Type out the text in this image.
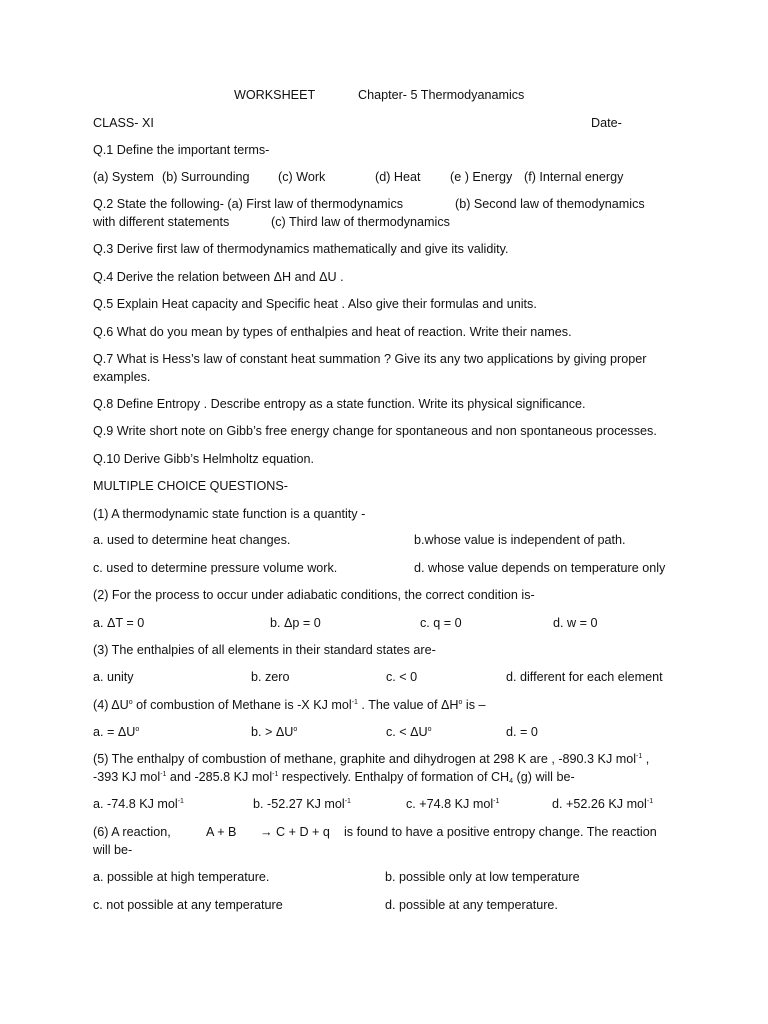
WORKSHEET	Chapter- 5 Thermodyanamics
CLASS- XI	Date-
Q.1 Define the important terms-
(a) System (b) Surrounding (c) Work	(d) Heat (e ) Energy (f) Internal energy
Q.2 State the following- (a) First law of thermodynamics	(b) Second law of themodynamics
with different statements	(c) Third law of thermodynamics
Q.3 Derive first law of thermodynamics mathematically and give its validity.
Q.4 Derive the relation between ΔH and ΔU .
Q.5 Explain Heat capacity and Specific heat . Also give their formulas and units.
Q.6 What do you mean by types of enthalpies and heat of reaction. Write their names.
Q.7 What is Hess’s law of constant heat summation ? Give its any two applications by giving proper
examples.
Q.8 Define Entropy . Describe entropy as a state function. Write its physical significance.
Q.9 Write short note on Gibb’s free energy change for spontaneous and non spontaneous processes.
Q.10 Derive Gibb’s Helmholtz equation.
MULTIPLE CHOICE QUESTIONS-
(1) A thermodynamic state function is a quantity -
a. used to determine heat changes.	b.whose value is independent of path.
c. used to determine pressure volume work.	d. whose value depends on temperature only
(2) For the process to occur under adiabatic conditions, the correct condition is-
a. ΔT = 0	b. Δp = 0	c. q = 0	d. w = 0
(3) The enthalpies of all elements in their standard states are-
a. unity	b. zero	c. < 0	d. different for each element
(4) $\Delta U^o$ of combustion of Methane is -X KJ mol$^{-1}$ . The value of $\Delta H^o$ is –
a. = $\Delta U^o$	b. > $\Delta U^o$	c. < $\Delta U^o$	d. = 0
(5) The enthalpy of combustion of methane, graphite and dihydrogen at 298 K are , -890.3 KJ mol$^{-1}$ ,
-393 KJ mol$^{-1}$ and -285.8 KJ mol$^{-1}$ respectively. Enthalpy of formation of $CH_4$ (g) will be-
a. -74.8 KJ mol$^{-1}$	b. -52.27 KJ mol$^{-1}$	c. +74.8 KJ mol$^{-1}$	d. +52.26 KJ mol$^{-1}$
(6) A reaction,	A + B → C + D + q is found to have a positive entropy change. The reaction
will be-
a. possible at high temperature.	b. possible only at low temperature
c. not possible at any temperature	d. possible at any temperature.
